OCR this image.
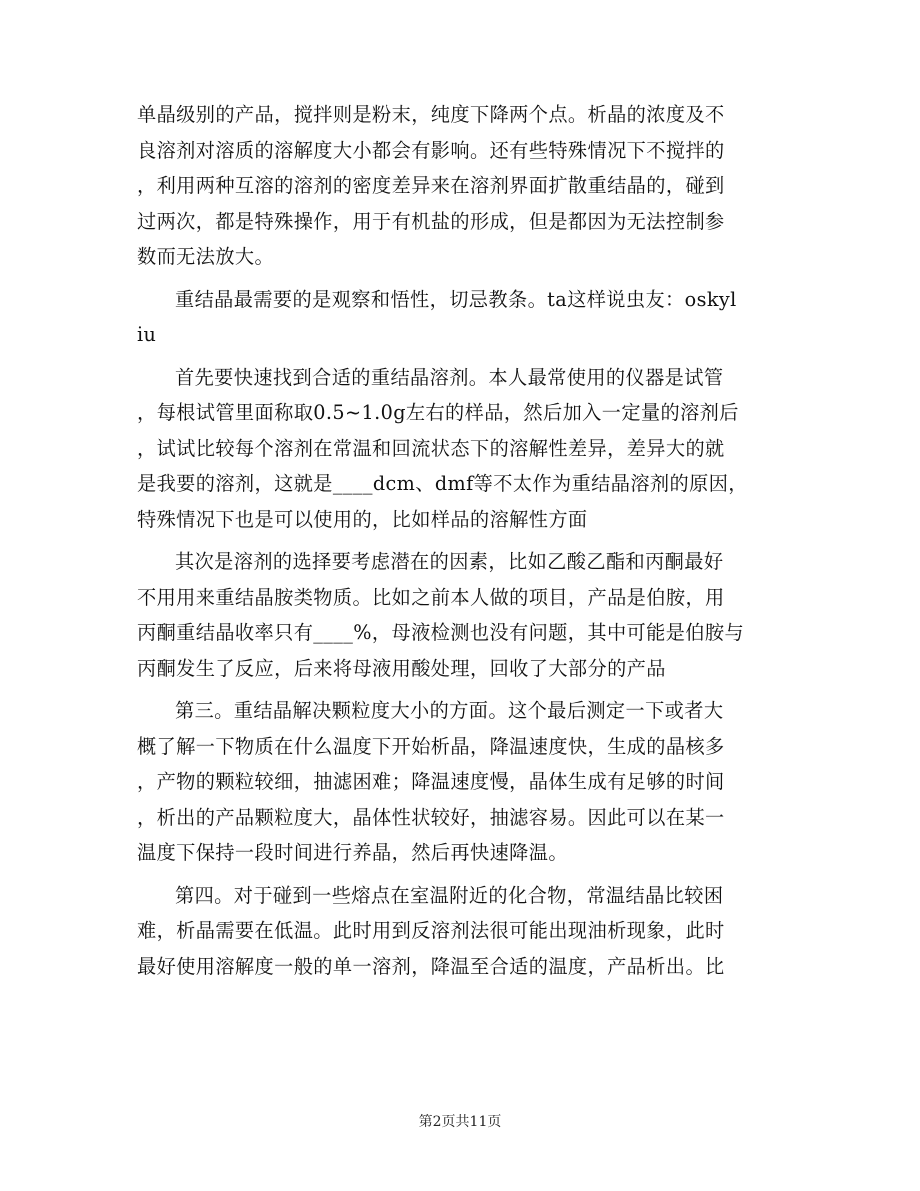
单晶级别的产品，搅拌则是粉末，纯度下降两个点。析晶的浓度及不
良溶剂对溶质的溶解度大小都会有影响。还有些特殊情况下不搅拌的
，利用两种互溶的溶剂的密度差异来在溶剂界面扩散重结晶的，碰到
过两次，都是特殊操作，用于有机盐的形成，但是都因为无法控制参
数而无法放大。

重结晶最需要的是观察和悟性，切忌教条。ta这样说虫友：oskyl
iu

首先要快速找到合适的重结晶溶剂。本人最常使用的仪器是试管
，每根试管里面称取0.5~1.0g左右的样品，然后加入一定量的溶剂后
，试试比较每个溶剂在常温和回流状态下的溶解性差异，差异大的就
是我要的溶剂，这就是____dcm、dmf等不太作为重结晶溶剂的原因，
特殊情况下也是可以使用的，比如样品的溶解性方面

其次是溶剂的选择要考虑潜在的因素，比如乙酸乙酯和丙酮最好
不用用来重结晶胺类物质。比如之前本人做的项目，产品是伯胺，用
丙酮重结晶收率只有____%，母液检测也没有问题，其中可能是伯胺与
丙酮发生了反应，后来将母液用酸处理，回收了大部分的产品

第三。重结晶解决颗粒度大小的方面。这个最后测定一下或者大
概了解一下物质在什么温度下开始析晶，降温速度快，生成的晶核多
，产物的颗粒较细，抽滤困难；降温速度慢，晶体生成有足够的时间
，析出的产品颗粒度大，晶体性状较好，抽滤容易。因此可以在某一
温度下保持一段时间进行养晶，然后再快速降温。

第四。对于碰到一些熔点在室温附近的化合物，常温结晶比较困
难，析晶需要在低温。此时用到反溶剂法很可能出现油析现象，此时
最好使用溶解度一般的单一溶剂，降温至合适的温度，产品析出。比

第2页共11页
